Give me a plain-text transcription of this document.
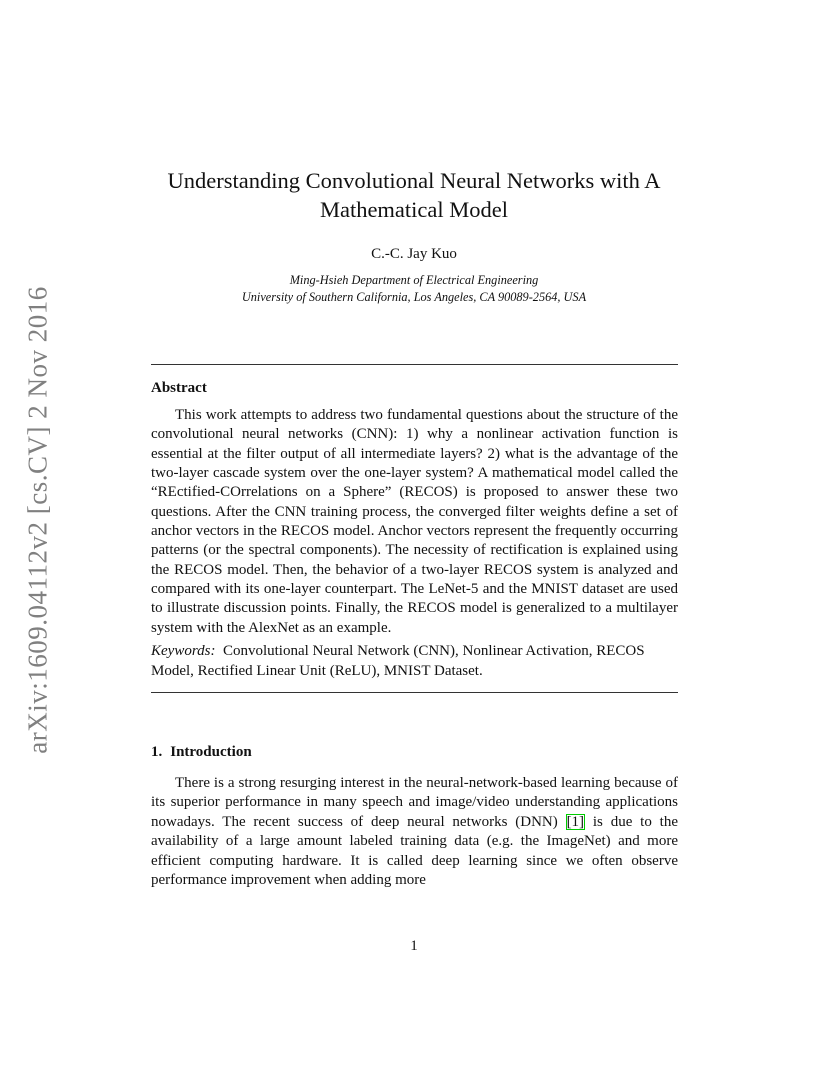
arXiv:1609.04112v2 [cs.CV] 2 Nov 2016
Understanding Convolutional Neural Networks with A
Mathematical Model
C.-C. Jay Kuo
Ming-Hsieh Department of Electrical Engineering
University of Southern California, Los Angeles, CA 90089-2564, USA
Abstract

This work attempts to address two fundamental questions about the structure of the convolutional neural networks (CNN): 1) why a nonlinear activation function is essential at the filter output of all intermediate layers? 2) what is the advantage of the two-layer cascade system over the one-layer system? A mathematical model called the “REctified-COrrelations on a Sphere” (RECOS) is proposed to answer these two questions. After the CNN training process, the converged filter weights define a set of anchor vectors in the RECOS model. Anchor vectors represent the frequently occurring patterns (or the spectral components). The necessity of rectification is explained using the RECOS model. Then, the behavior of a two-layer RECOS system is analyzed and compared with its one-layer counterpart. The LeNet-5 and the MNIST dataset are used to illustrate discussion points. Finally, the RECOS model is generalized to a multilayer system with the AlexNet as an example.

Keywords: Convolutional Neural Network (CNN), Nonlinear Activation, RECOS Model, Rectified Linear Unit (ReLU), MNIST Dataset.

1. Introduction

There is a strong resurging interest in the neural-network-based learning because of its superior performance in many speech and image/video understanding applications nowadays. The recent success of deep neural networks (DNN) [1] is due to the availability of a large amount labeled training data (e.g. the ImageNet) and more efficient computing hardware. It is called deep learning since we often observe performance improvement when adding more

1
